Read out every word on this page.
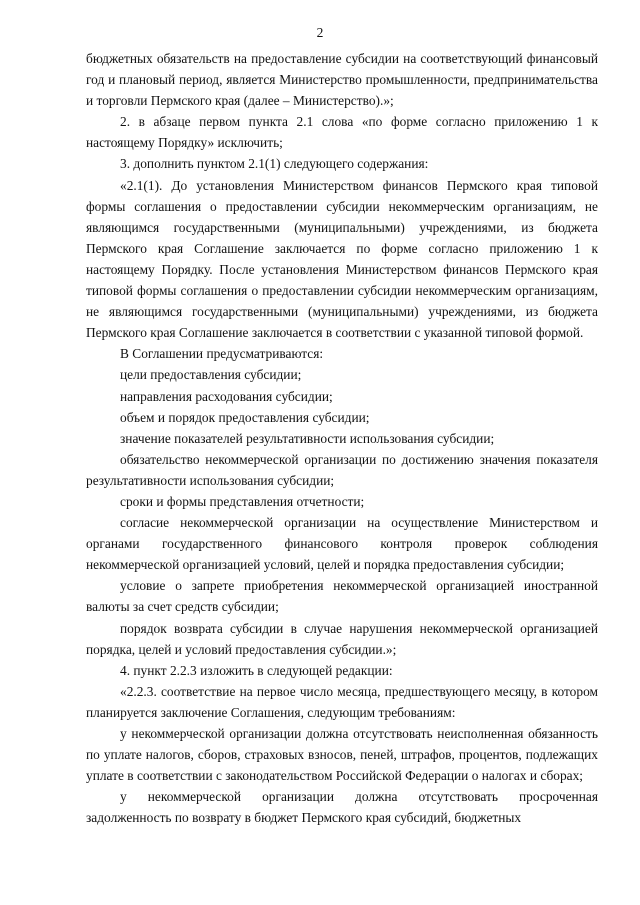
2

бюджетных обязательств на предоставление субсидии на соответствующий финансовый год и плановый период, является Министерство промышленности, предпринимательства и торговли Пермского края (далее – Министерство).»;

2. в абзаце первом пункта 2.1 слова «по форме согласно приложению 1 к настоящему Порядку» исключить;

3. дополнить пунктом 2.1(1) следующего содержания:

«2.1(1). До установления Министерством финансов Пермского края типовой формы соглашения о предоставлении субсидии некоммерческим организациям, не являющимся государственными (муниципальными) учреждениями, из бюджета Пермского края Соглашение заключается по форме согласно приложению 1 к настоящему Порядку. После установления Министерством финансов Пермского края типовой формы соглашения о предоставлении субсидии некоммерческим организациям, не являющимся государственными (муниципальными) учреждениями, из бюджета Пермского края Соглашение заключается в соответствии с указанной типовой формой.

В Соглашении предусматриваются:

цели предоставления субсидии;

направления расходования субсидии;

объем и порядок предоставления субсидии;

значение показателей результативности использования субсидии;

обязательство некоммерческой организации по достижению значения показателя результативности использования субсидии;

сроки и формы представления отчетности;

согласие некоммерческой организации на осуществление Министерством и органами государственного финансового контроля проверок соблюдения некоммерческой организацией условий, целей и порядка предоставления субсидии;

условие о запрете приобретения некоммерческой организацией иностранной валюты за счет средств субсидии;

порядок возврата субсидии в случае нарушения некоммерческой организацией порядка, целей и условий предоставления субсидии.»;

4. пункт 2.2.3 изложить в следующей редакции:

«2.2.3. соответствие на первое число месяца, предшествующего месяцу, в котором планируется заключение Соглашения, следующим требованиям:

у некоммерческой организации должна отсутствовать неисполненная обязанность по уплате налогов, сборов, страховых взносов, пеней, штрафов, процентов, подлежащих уплате в соответствии с законодательством Российской Федерации о налогах и сборах;

у некоммерческой организации должна отсутствовать просроченная задолженность по возврату в бюджет Пермского края субсидий, бюджетных
